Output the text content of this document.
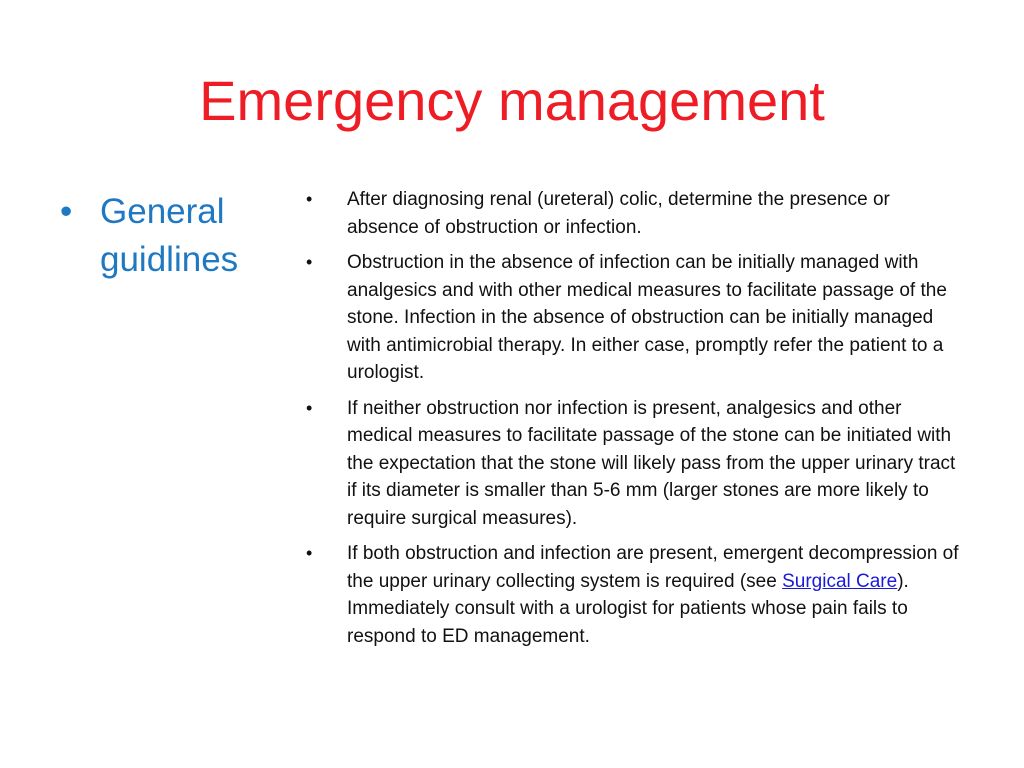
Emergency management
• General guidlines
• After diagnosing renal (ureteral) colic, determine the presence or absence of obstruction or infection.
• Obstruction in the absence of infection can be initially managed with analgesics and with other medical measures to facilitate passage of the stone. Infection in the absence of obstruction can be initially managed with antimicrobial therapy. In either case, promptly refer the patient to a urologist.
• If neither obstruction nor infection is present, analgesics and other medical measures to facilitate passage of the stone can be initiated with the expectation that the stone will likely pass from the upper urinary tract if its diameter is smaller than 5-6 mm (larger stones are more likely to require surgical measures).
• If both obstruction and infection are present, emergent decompression of the upper urinary collecting system is required (see Surgical Care). Immediately consult with a urologist for patients whose pain fails to respond to ED management.
